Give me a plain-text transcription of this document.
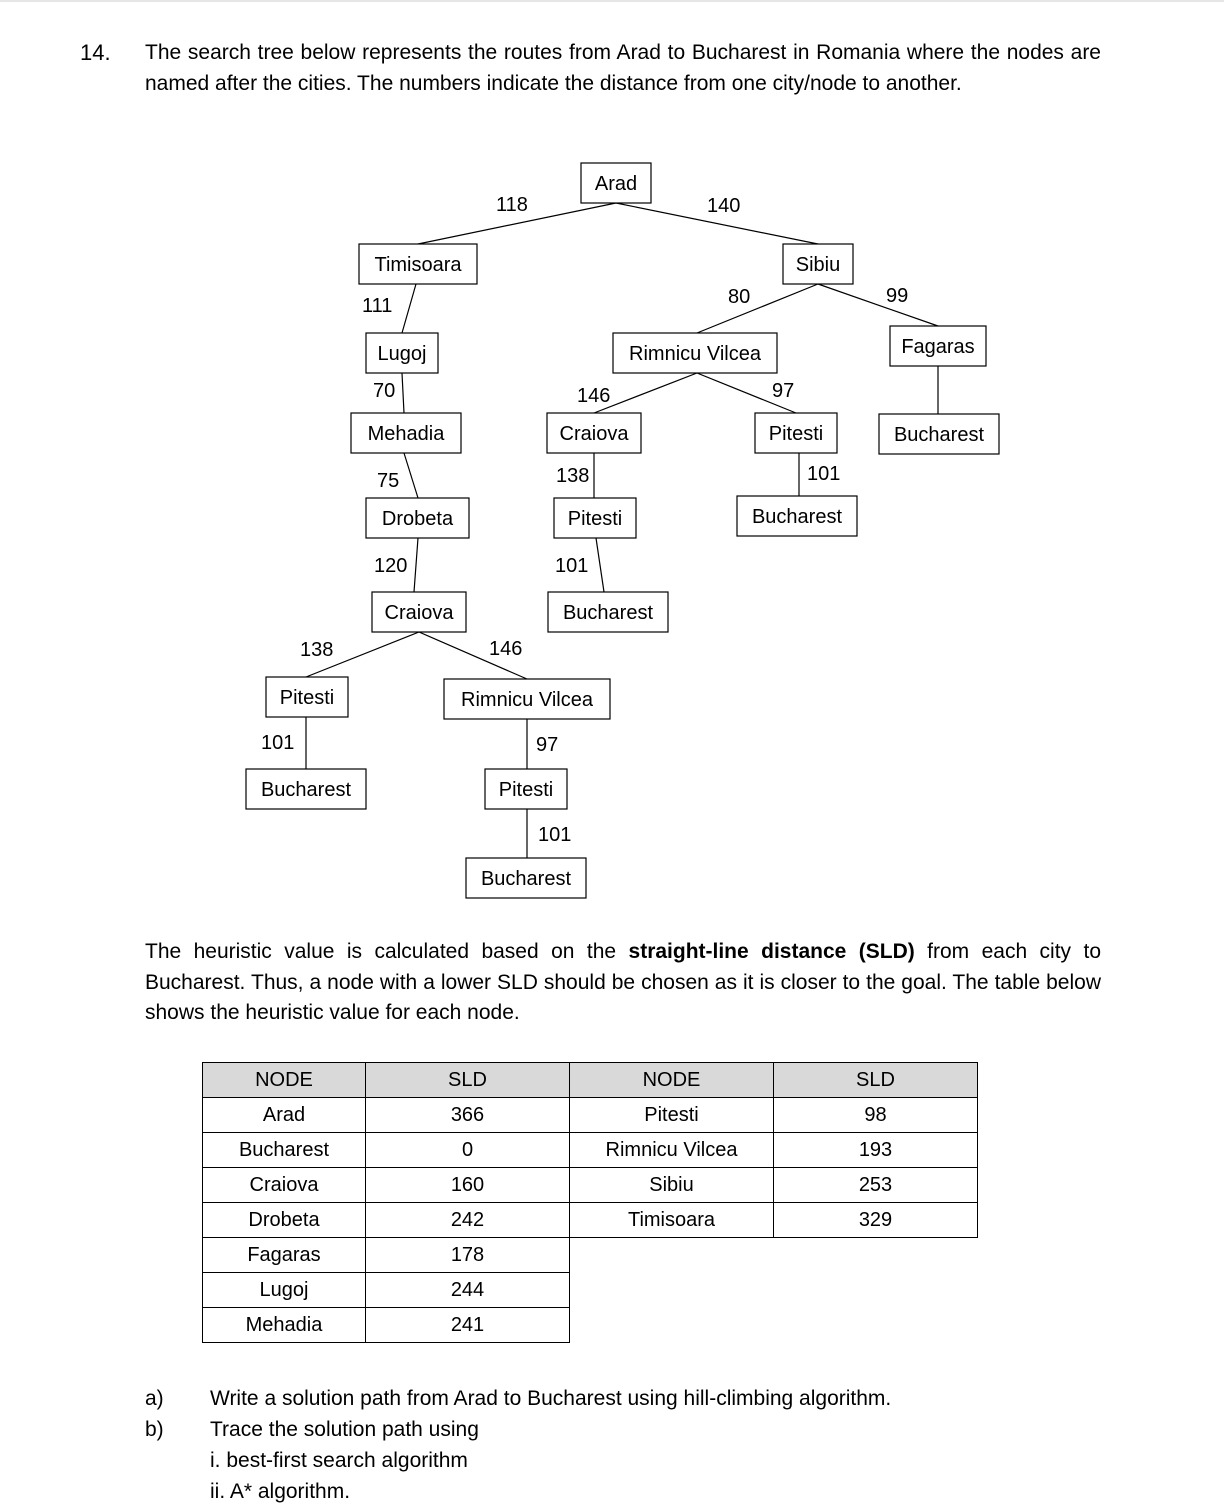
14. The search tree below represents the routes from Arad to Bucharest in Romania where the nodes are named after the cities. The numbers indicate the distance from one city/node to another.
118	140
111	80	99
70	146	97
75	138	101
120	101
138	146
101	97
101
Arad
Timisoara	Sibiu
Lugoj	Rimnicu Vilcea	Fagaras
Mehadia	Craiova	Pitesti	Bucharest
Drobeta	Pitesti	Bucharest
Craiova	Bucharest
Pitesti	Rimnicu Vilcea
Bucharest	Pitesti
Bucharest
The heuristic value is calculated based on the straight-line distance (SLD) from each city to Bucharest. Thus, a node with a lower SLD should be chosen as it is closer to the goal. The table below shows the heuristic value for each node.
NODE	SLD	NODE	SLD
Arad	366	Pitesti	98
Bucharest	0	Rimnicu Vilcea	193
Craiova	160	Sibiu	253
Drobeta	242	Timisoara	329
Fagaras	178		
Lugoj	244		
Mehadia	241		
a)	Write a solution path from Arad to Bucharest using hill-climbing algorithm.
b)	Trace the solution path using
i. best-first search algorithm
ii. A* algorithm.
